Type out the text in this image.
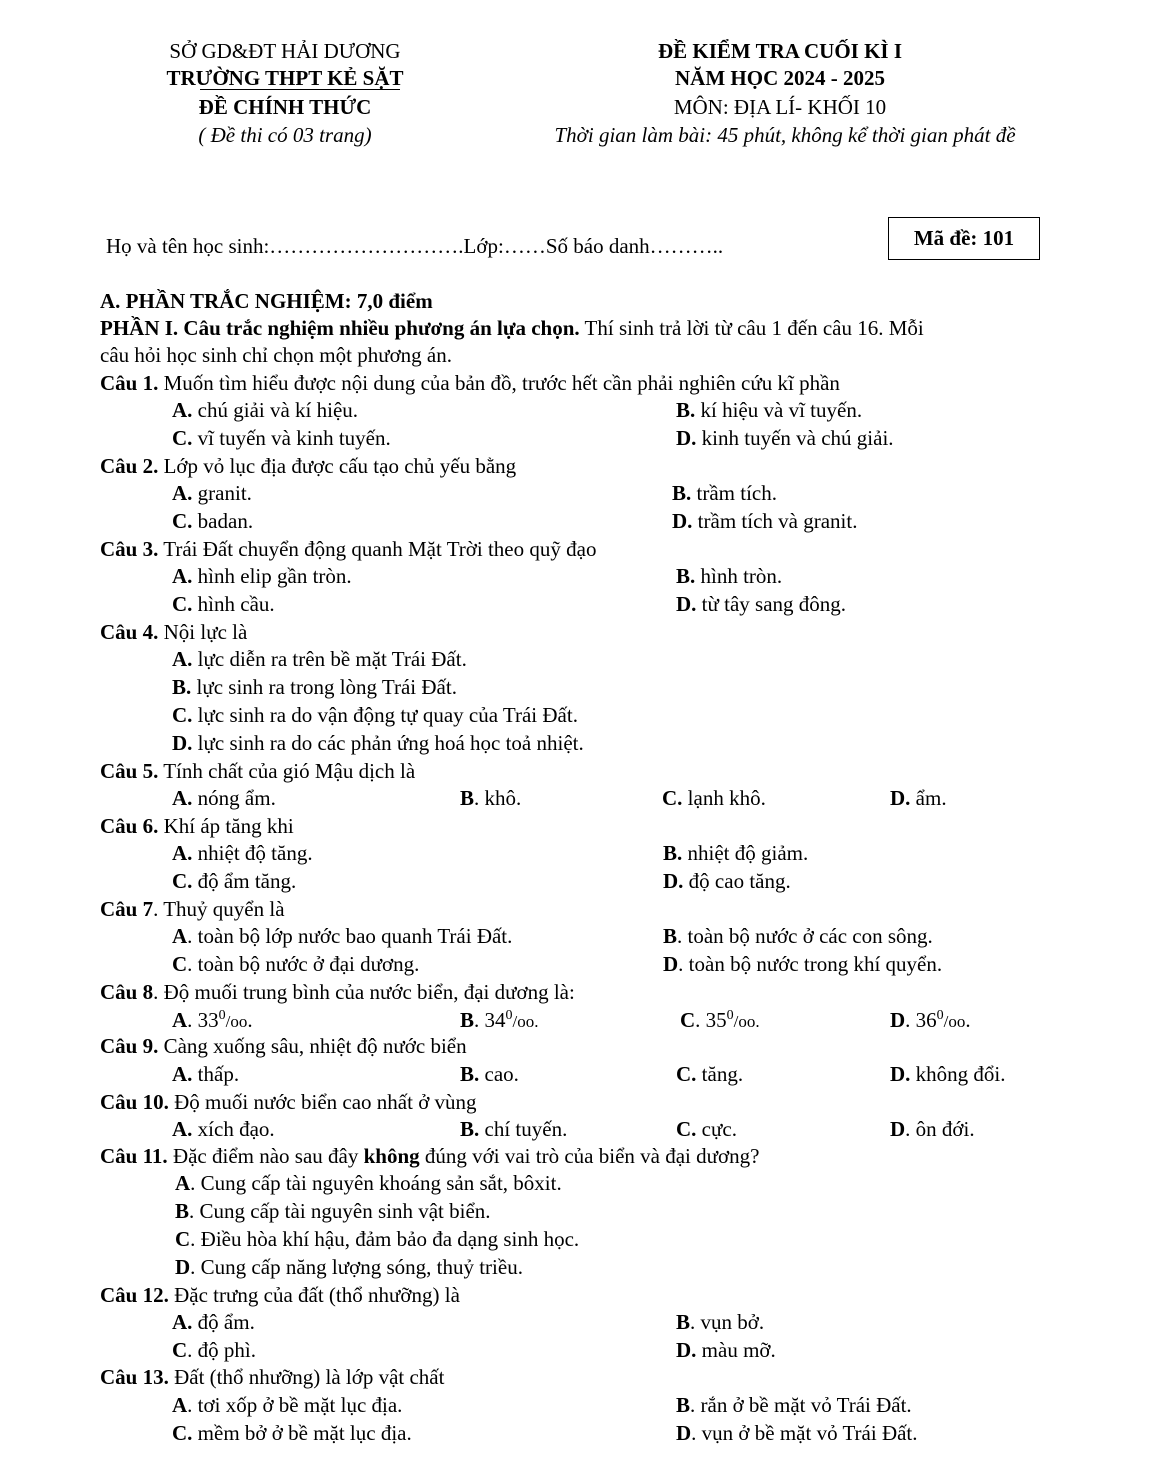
SỞ GD&ĐT HẢI DƯƠNG
TRƯỜNG THPT KẺ SẶT
ĐỀ CHÍNH THỨC
( Đề thi có 03 trang)
ĐỀ KIỂM TRA CUỐI KÌ I
NĂM HỌC 2024 - 2025
MÔN: ĐỊA LÍ- KHỐI 10
Thời gian làm bài: 45 phút, không kể thời gian phát đề
Họ và tên học sinh:……………………….Lớp:……Số báo danh………..	Mã đề: 101
A. PHẦN TRẮC NGHIỆM: 7,0 điểm
PHẦN I. Câu trắc nghiệm nhiều phương án lựa chọn. Thí sinh trả lời từ câu 1 đến câu 16. Mỗi
câu hỏi học sinh chỉ chọn một phương án.
Câu 1. Muốn tìm hiểu được nội dung của bản đồ, trước hết cần phải nghiên cứu kĩ phần
A. chú giải và kí hiệu.	B. kí hiệu và vĩ tuyến.
C. vĩ tuyến và kinh tuyến.	D. kinh tuyến và chú giải.
Câu 2. Lớp vỏ lục địa được cấu tạo chủ yếu bằng
A. granit.	B. trầm tích.
C. badan.	D. trầm tích và granit.
Câu 3. Trái Đất chuyển động quanh Mặt Trời theo quỹ đạo
A. hình elip gần tròn.	B. hình tròn.
C. hình cầu.	D. từ tây sang đông.
Câu 4. Nội lực là
A. lực diễn ra trên bề mặt Trái Đất.
B. lực sinh ra trong lòng Trái Đất.
C. lực sinh ra do vận động tự quay của Trái Đất.
D. lực sinh ra do các phản ứng hoá học toả nhiệt.
Câu 5. Tính chất của gió Mậu dịch là
A. nóng ẩm.	B. khô.	C. lạnh khô.	D. ẩm.
Câu 6. Khí áp tăng khi
A. nhiệt độ tăng.	B. nhiệt độ giảm.
C. độ ẩm tăng.	D. độ cao tăng.
Câu 7. Thuỷ quyển là
A. toàn bộ lớp nước bao quanh Trái Đất.	B. toàn bộ nước ở các con sông.
C. toàn bộ nước ở đại dương.	D. toàn bộ nước trong khí quyển.
Câu 8. Độ muối trung bình của nước biển, đại dương là:
A. $33^0/oo$.	B. $34^0/oo$.	C. $35^0/oo$.	D. $36^0/oo$.
Câu 9. Càng xuống sâu, nhiệt độ nước biển
A. thấp.	B. cao.	C. tăng.	D. không đổi.
Câu 10. Độ muối nước biển cao nhất ở vùng
A. xích đạo.	B. chí tuyến.	C. cực.	D. ôn đới.
Câu 11. Đặc điểm nào sau đây không đúng với vai trò của biển và đại dương?
A. Cung cấp tài nguyên khoáng sản sắt, bôxit.
B. Cung cấp tài nguyên sinh vật biển.
C. Điều hòa khí hậu, đảm bảo đa dạng sinh học.
D. Cung cấp năng lượng sóng, thuỷ triều.
Câu 12. Đặc trưng của đất (thổ nhưỡng) là
A. độ ẩm.	B. vụn bở.
C. độ phì.	D. màu mỡ.
Câu 13. Đất (thổ nhưỡng) là lớp vật chất
A. tơi xốp ở bề mặt lục địa.	B. rắn ở bề mặt vỏ Trái Đất.
C. mềm bở ở bề mặt lục địa.	D. vụn ở bề mặt vỏ Trái Đất.
